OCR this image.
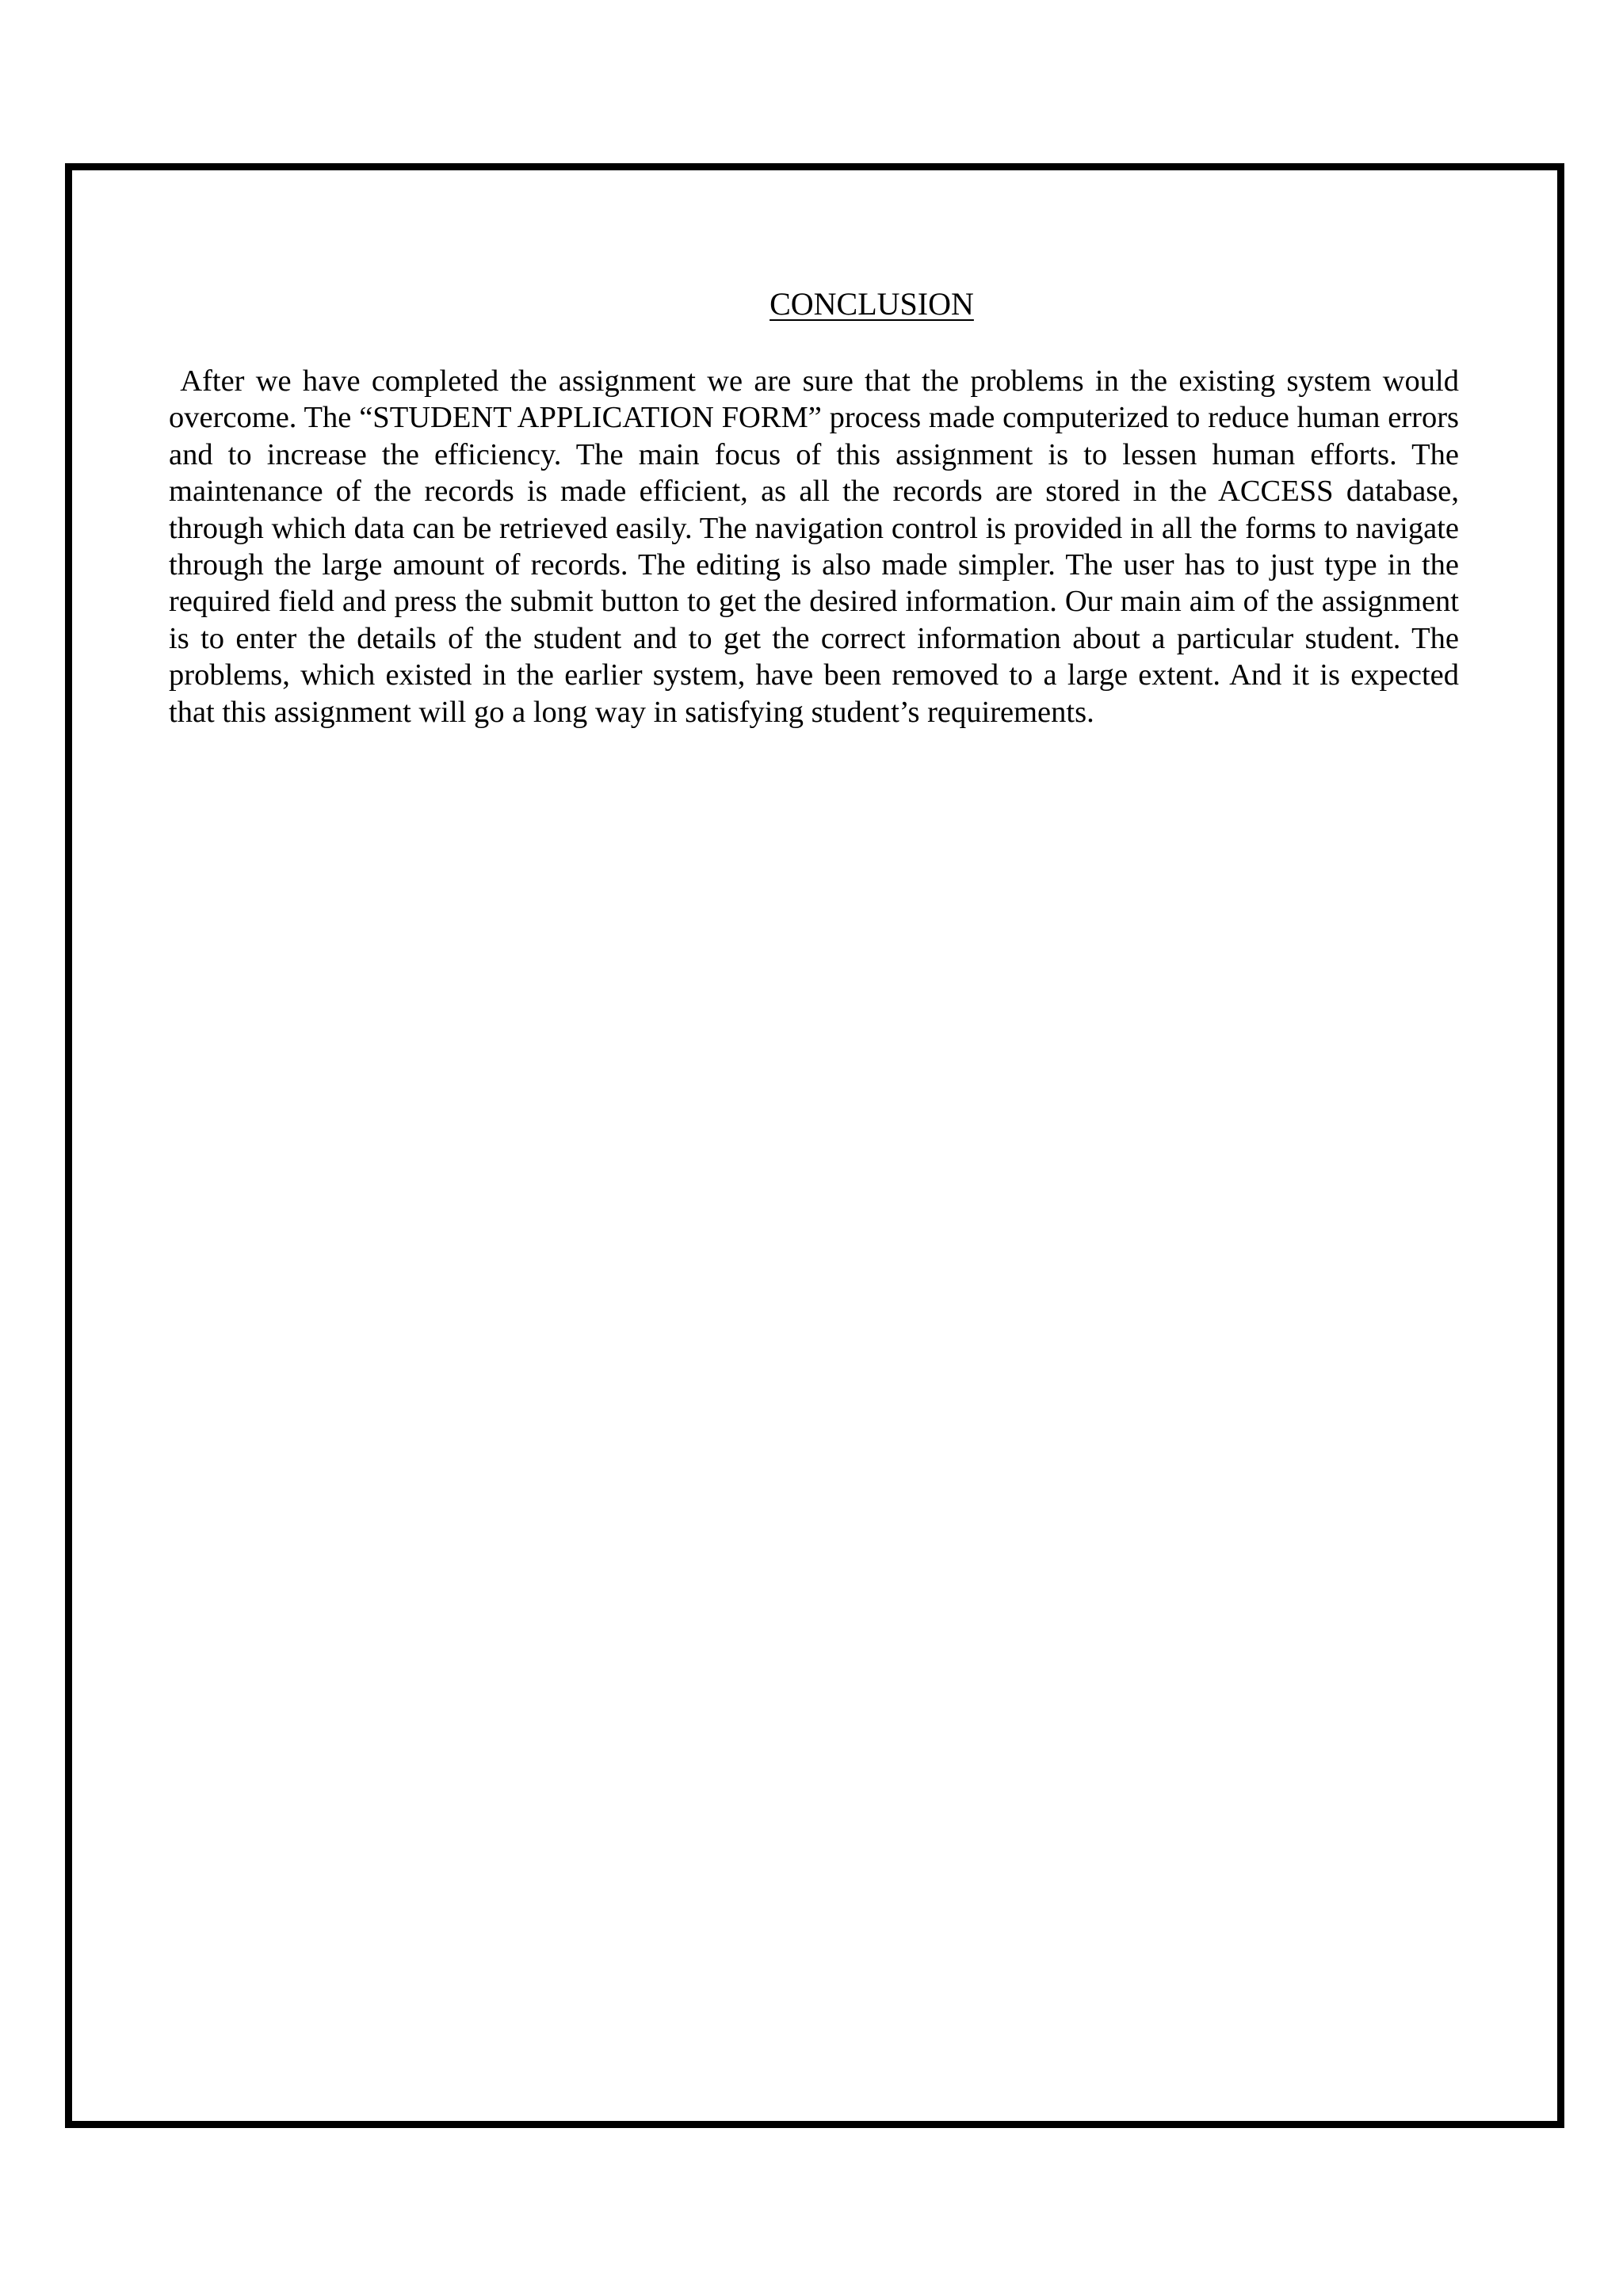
CONCLUSION

After we have completed the assignment we are sure that the problems in the existing system would overcome. The “STUDENT APPLICATION FORM” process made computerized to reduce human errors and to increase the efficiency. The main focus of this assignment is to lessen human efforts. The maintenance of the records is made efficient, as all the records are stored in the ACCESS database, through which data can be retrieved easily. The navigation control is provided in all the forms to navigate through the large amount of records. The editing is also made simpler. The user has to just type in the required field and press the submit button to get the desired information. Our main aim of the assignment is to enter the details of the student and to get the correct information about a particular student. The problems, which existed in the earlier system, have been removed to a large extent. And it is expected that this assignment will go a long way in satisfying student’s requirements.
